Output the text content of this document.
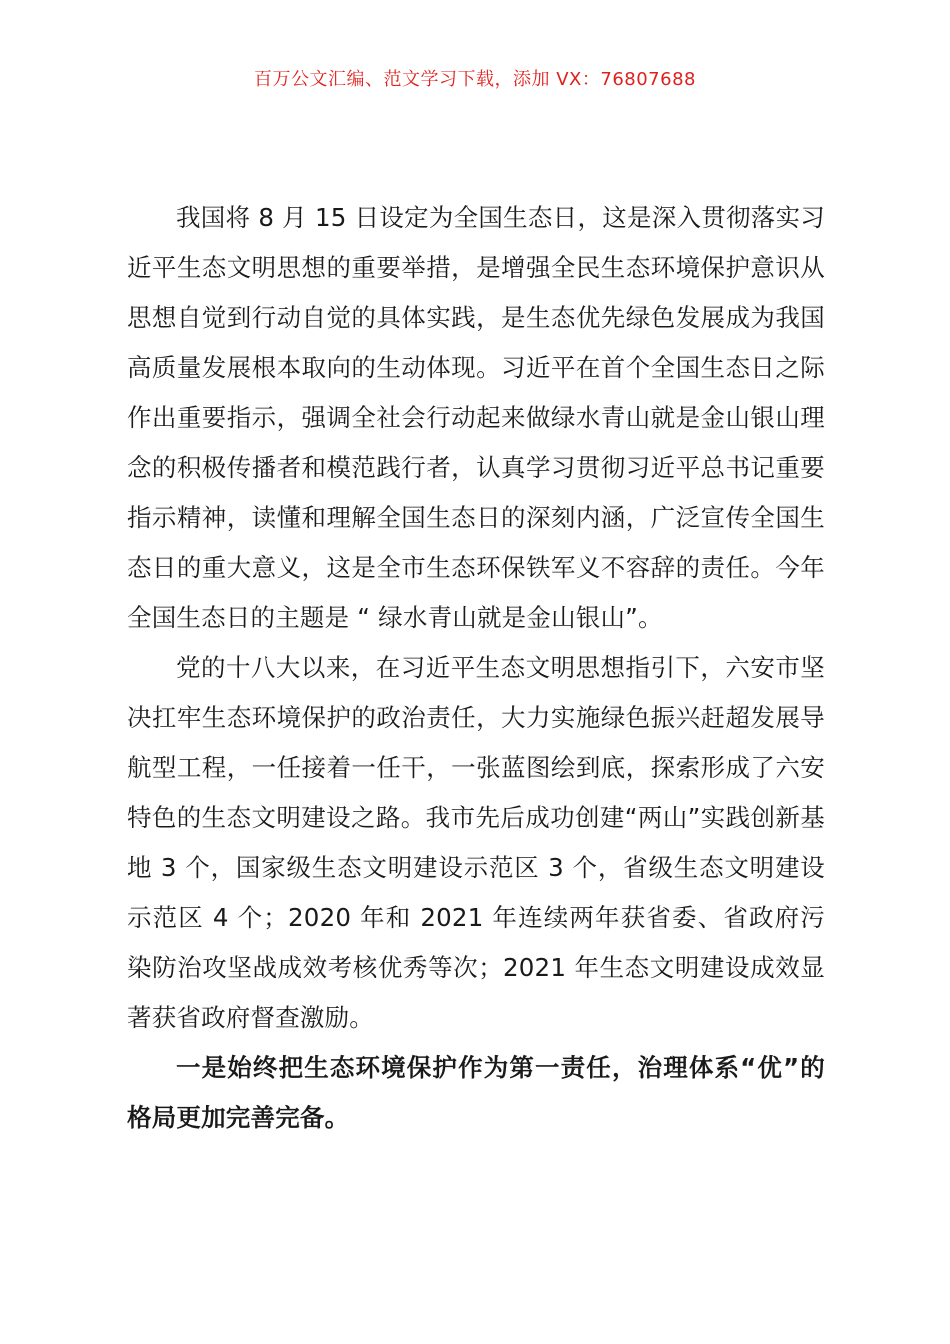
百万公文汇编、范文学习下载，添加 VX：76807688

我国将 8 月 15 日设定为全国生态日，这是深入贯彻落实习近平生态文明思想的重要举措，是增强全民生态环境保护意识从思想自觉到行动自觉的具体实践，是生态优先绿色发展成为我国高质量发展根本取向的生动体现。习近平在首个全国生态日之际作出重要指示，强调全社会行动起来做绿水青山就是金山银山理念的积极传播者和模范践行者，认真学习贯彻习近平总书记重要指示精神，读懂和理解全国生态日的深刻内涵，广泛宣传全国生态日的重大意义，这是全市生态环保铁军义不容辞的责任。今年全国生态日的主题是 “ 绿水青山就是金山银山”。

党的十八大以来，在习近平生态文明思想指引下，六安市坚决扛牢生态环境保护的政治责任，大力实施绿色振兴赶超发展导航型工程，一任接着一任干，一张蓝图绘到底，探索形成了六安特色的生态文明建设之路。我市先后成功创建“两山”实践创新基地 3 个，国家级生态文明建设示范区 3 个，省级生态文明建设示范区 4 个；2020 年和 2021 年连续两年获省委、省政府污染防治攻坚战成效考核优秀等次；2021 年生态文明建设成效显著获省政府督查激励。

一是始终把生态环境保护作为第一责任，治理体系“优”的格局更加完善完备。
